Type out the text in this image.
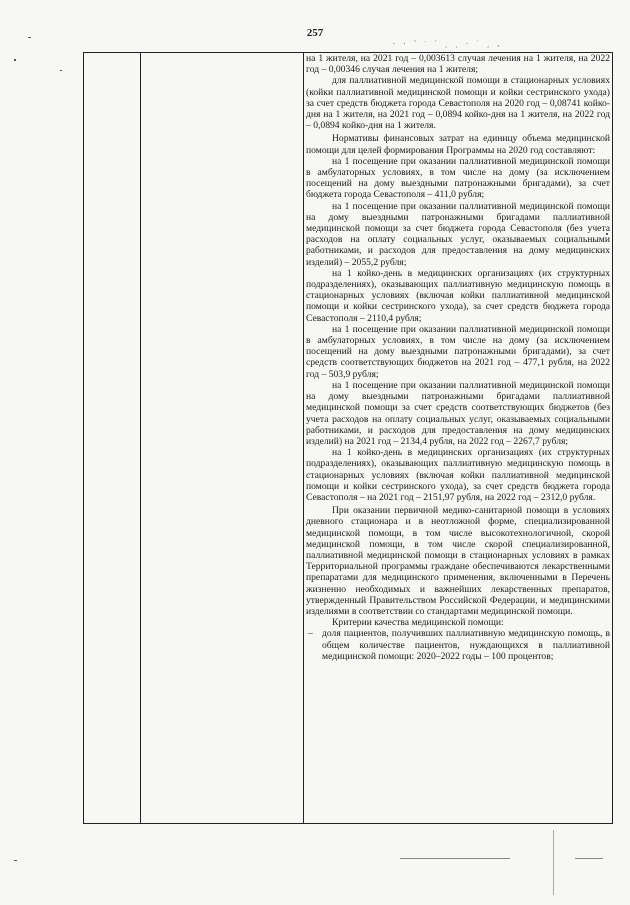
257
· · ˜ ′ ` ¸ ˛ · ˙ ¸ ‚

на 1 жителя, на 2021 год – 0,003613 случая лечения на 1 жителя, на 2022 год – 0,00346 случая лечения на 1 жителя;

для паллиативной медицинской помощи в стационарных условиях (койки паллиативной медицинской помощи и койки сестринского ухода) за счет средств бюджета города Севастополя на 2020 год – 0,08741 койко-дня на 1 жителя, на 2021 год – 0,0894 койко-дня на 1 жителя, на 2022 год – 0,0894 койко-дня на 1 жителя.

Нормативы финансовых затрат на единицу объема медицинской помощи для целей формирования Программы на 2020 год составляют:

на 1 посещение при оказании паллиативной медицинской помощи в амбулаторных условиях, в том числе на дому (за исключением посещений на дому выездными патронажными бригадами), за счет бюджета города Севастополя – 411,0 рубля;

на 1 посещение при оказании паллиативной медицинской помощи на дому выездными патронажными бригадами паллиативной медицинской помощи за счет бюджета города Севастополя (без учета расходов на оплату социальных услуг, оказываемых социальными работниками, и расходов для предоставления на дому медицинских изделий) – 2055,2 рубля;

на 1 койко-день в медицинских организациях (их структурных подразделениях), оказывающих паллиативную медицинскую помощь в стационарных условиях (включая койки паллиативной медицинской помощи и койки сестринского ухода), за счет средств бюджета города Севастополя – 2110,4 рубля;

на 1 посещение при оказании паллиативной медицинской помощи в амбулаторных условиях, в том числе на дому (за исключением посещений на дому выездными патронажными бригадами), за счет средств соответствующих бюджетов на 2021 год – 477,1 рубля, на 2022 год – 503,9 рубля;

на 1 посещение при оказании паллиативной медицинской помощи на дому выездными патронажными бригадами паллиативной медицинской помощи за счет средств соответствующих бюджетов (без учета расходов на оплату социальных услуг, оказываемых социальными работниками, и расходов для предоставления на дому медицинских изделий) на 2021 год – 2134,4 рубля, на 2022 год – 2267,7 рубля;

на 1 койко-день в медицинских организациях (их структурных подразделениях), оказывающих паллиативную медицинскую помощь в стационарных условиях (включая койки паллиативной медицинской помощи и койки сестринского ухода), за счет средств бюджета города Севастополя – на 2021 год – 2151,97 рубля, на 2022 год – 2312,0 рубля.

При оказании первичной медико-санитарной помощи в условиях дневного стационара и в неотложной форме, специализированной медицинской помощи, в том числе высокотехнологичной, скорой медицинской помощи, в том числе скорой специализированной, паллиативной медицинской помощи в стационарных условиях в рамках Территориальной программы граждане обеспечиваются лекарственными препаратами для медицинского применения, включенными в Перечень жизненно необходимых и важнейших лекарственных препаратов, утвержденный Правительством Российской Федерации, и медицинскими изделиями в соответствии со стандартами медицинской помощи.

Критерии качества медицинской помощи:

– доля пациентов, получивших паллиативную медицинскую помощь, в общем количестве пациентов, нуждающихся в паллиативной медицинской помощи: 2020–2022 годы – 100 процентов;
